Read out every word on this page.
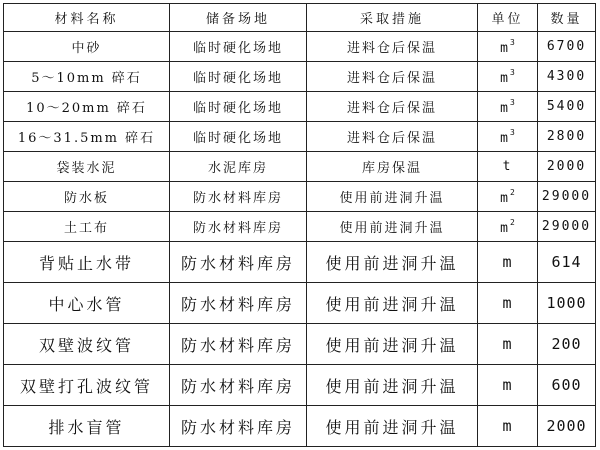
材料名称	储备场地	采取措施	单位	数量
中砂	临时硬化场地	进料仓后保温	$m^3$	6700
5～10mm 碎石	临时硬化场地	进料仓后保温	$m^3$	4300
10～20mm 碎石	临时硬化场地	进料仓后保温	$m^3$	5400
16～31.5mm 碎石	临时硬化场地	进料仓后保温	$m^3$	2800
袋装水泥	水泥库房	库房保温	t	2000
防水板	防水材料库房	使用前进洞升温	$m^2$	29000
土工布	防水材料库房	使用前进洞升温	$m^2$	29000
背贴止水带	防水材料库房	使用前进洞升温	m	614
中心水管	防水材料库房	使用前进洞升温	m	1000
双壁波纹管	防水材料库房	使用前进洞升温	m	200
双壁打孔波纹管	防水材料库房	使用前进洞升温	m	600
排水盲管	防水材料库房	使用前进洞升温	m	2000
